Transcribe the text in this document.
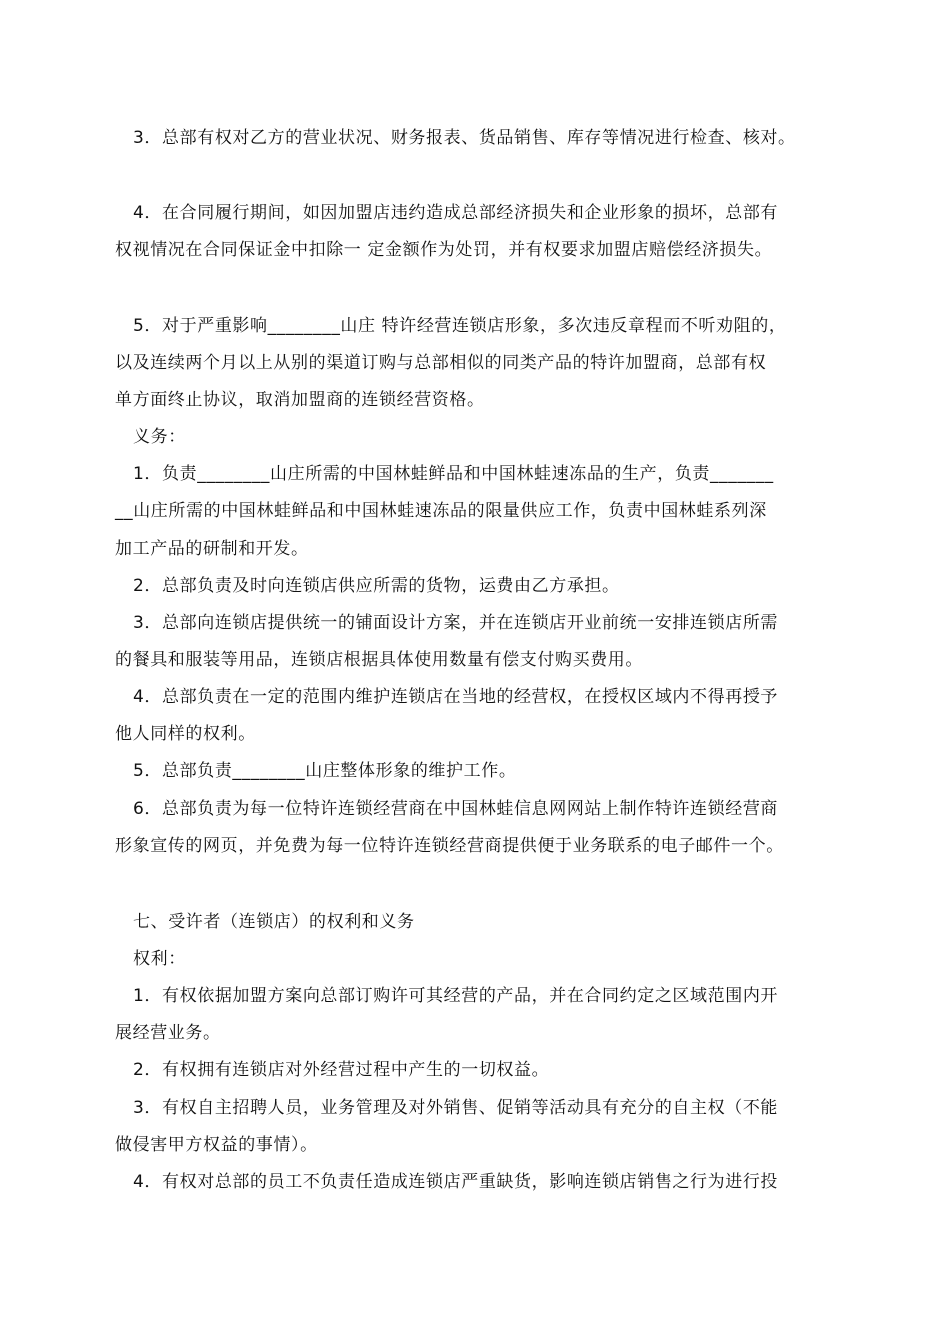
3．总部有权对乙方的营业状况、财务报表、货品销售、库存等情况进行检查、核对。
4．在合同履行期间，如因加盟店违约造成总部经济损失和企业形象的损坏，总部有
权视情况在合同保证金中扣除一 定金额作为处罚，并有权要求加盟店赔偿经济损失。
5．对于严重影响________山庄 特许经营连锁店形象，多次违反章程而不听劝阻的，
以及连续两个月以上从别的渠道订购与总部相似的同类产品的特许加盟商，总部有权
单方面终止协议，取消加盟商的连锁经营资格。
义务：
1．负责________山庄所需的中国林蛙鲜品和中国林蛙速冻品的生产，负责_______
__山庄所需的中国林蛙鲜品和中国林蛙速冻品的限量供应工作，负责中国林蛙系列深
加工产品的研制和开发。
2．总部负责及时向连锁店供应所需的货物，运费由乙方承担。
3．总部向连锁店提供统一的铺面设计方案，并在连锁店开业前统一安排连锁店所需
的餐具和服装等用品，连锁店根据具体使用数量有偿支付购买费用。
4．总部负责在一定的范围内维护连锁店在当地的经营权，在授权区域内不得再授予
他人同样的权利。
5．总部负责________山庄整体形象的维护工作。
6．总部负责为每一位特许连锁经营商在中国林蛙信息网网站上制作特许连锁经营商
形象宣传的网页，并免费为每一位特许连锁经营商提供便于业务联系的电子邮件一个。
七、受许者（连锁店）的权利和义务
权利：
1．有权依据加盟方案向总部订购许可其经营的产品，并在合同约定之区域范围内开
展经营业务。
2．有权拥有连锁店对外经营过程中产生的一切权益。
3．有权自主招聘人员，业务管理及对外销售、促销等活动具有充分的自主权（不能
做侵害甲方权益的事情）。
4．有权对总部的员工不负责任造成连锁店严重缺货，影响连锁店销售之行为进行投
